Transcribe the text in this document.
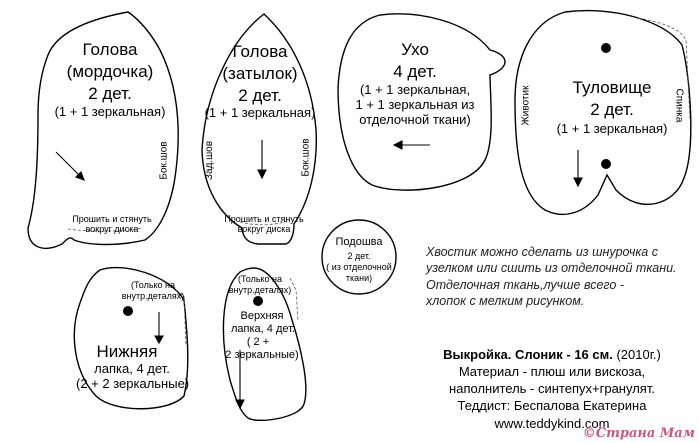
Голова
(мордочка)
2 дет.
(1 + 1 зеркальная)
Бок.шов
Прошить и стянуть
вокруг диска
Голова
(затылок)
2 дет.
(1 + 1 зеркальная)
Зад.шов	Бок.шов
Прошить и стянуть
вокруг диска
Ухо
4 дет.
(1 + 1 зеркальная,
1 + 1 зеркальная из
отделочной ткани)
Туловище
2 дет.
(1 + 1 зеркальная)
Животик	Спинка
Подошва
2 дет.
( из отделочной
ткани)
(Только на
внутр.деталях)
Нижняя
лапка, 4 дет.
(2 + 2 зеркальные)
(Только на
внутр.деталях)
Верхняя
лапка, 4 дет.
( 2 +
2 зеркальные)
Хвостик можно сделать из шнурочка с
узелком или сшить из отделочной ткани.
Отделочная ткань,лучше всего -
хлопок с мелким рисунком.
Выкройка. Слоник - 16 см. (2010г.)
Материал - плюш или вискоза,
наполнитель - синтепух+гранулят.
Теддист: Беспалова Екатерина
www.teddykind.com
©Страна Мам
